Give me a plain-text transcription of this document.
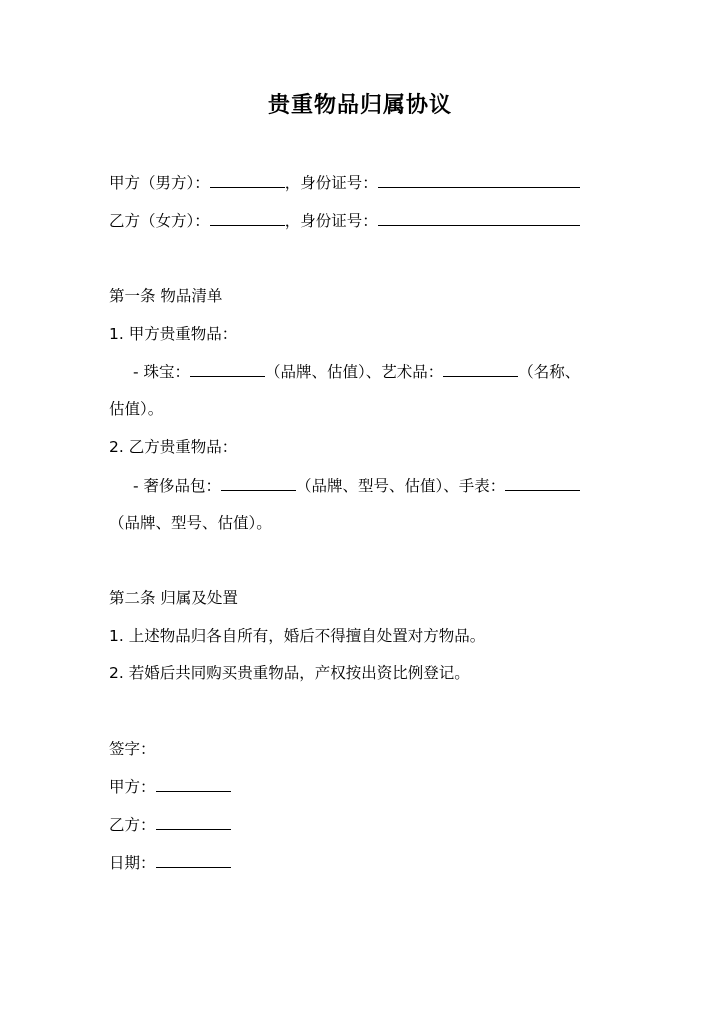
贵重物品归属协议
甲方（男方）：	，身份证号：
乙方（女方）：	，身份证号：
第一条 物品清单
1. 甲方贵重物品：
- 珠宝：	（品牌、估值）、艺术品：	（名称、
估值）。
2. 乙方贵重物品：
- 奢侈品包：	（品牌、型号、估值）、手表：
（品牌、型号、估值）。
第二条 归属及处置
1. 上述物品归各自所有，婚后不得擅自处置对方物品。
2. 若婚后共同购买贵重物品，产权按出资比例登记。
签字：
甲方：
乙方：
日期：
